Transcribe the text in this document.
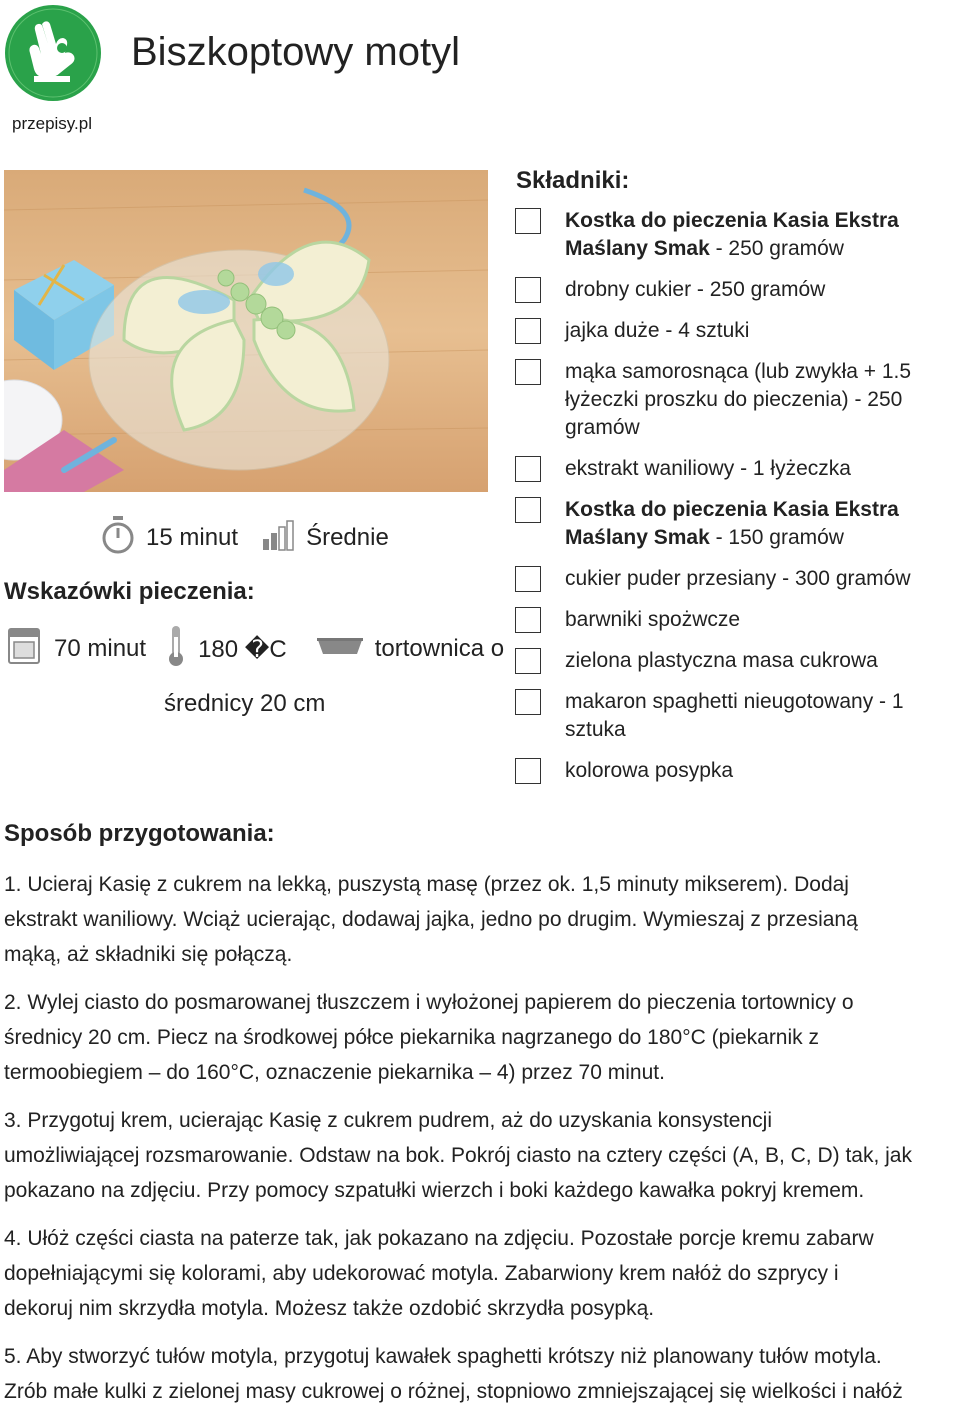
przepisy.pl
Biszkoptowy motyl
15 minut	Średnie
Wskazówki pieczenia:
70 minut 180 �C	tortownica o
średnicy 20 cm
Składniki:
Kostka do pieczenia Kasia Ekstra Maślany Smak - 250 gramów
drobny cukier - 250 gramów
jajka duże - 4 sztuki
mąka samorosnąca (lub zwykła + 1.5 łyżeczki proszku do pieczenia) - 250 gramów
ekstrakt waniliowy - 1 łyżeczka
Kostka do pieczenia Kasia Ekstra Maślany Smak - 150 gramów
cukier puder przesiany - 300 gramów
barwniki spożwcze
zielona plastyczna masa cukrowa
makaron spaghetti nieugotowany - 1 sztuka
kolorowa posypka
Sposób przygotowania:
1. Ucieraj Kasię z cukrem na lekką, puszystą masę (przez ok. 1,5 minuty mikserem). Dodaj
ekstrakt waniliowy. Wciąż ucierając, dodawaj jajka, jedno po drugim. Wymieszaj z przesianą
mąką, aż składniki się połączą.
2. Wylej ciasto do posmarowanej tłuszczem i wyłożonej papierem do pieczenia tortownicy o
średnicy 20 cm. Piecz na środkowej półce piekarnika nagrzanego do 180°C (piekarnik z
termoobiegiem – do 160°C, oznaczenie piekarnika – 4) przez 70 minut.
3. Przygotuj krem, ucierając Kasię z cukrem pudrem, aż do uzyskania konsystencji
umożliwiającej rozsmarowanie. Odstaw na bok. Pokrój ciasto na cztery części (A, B, C, D) tak, jak
pokazano na zdjęciu. Przy pomocy szpatułki wierzch i boki każdego kawałka pokryj kremem.
4. Ułóż części ciasta na paterze tak, jak pokazano na zdjęciu. Pozostałe porcje kremu zabarw
dopełniającymi się kolorami, aby udekorować motyla. Zabarwiony krem nałóż do szprycy i
dekoruj nim skrzydła motyla. Możesz także ozdobić skrzydła posypką.
5. Aby stworzyć tułów motyla, przygotuj kawałek spaghetti krótszy niż planowany tułów motyla.
Zrób małe kulki z zielonej masy cukrowej o różnej, stopniowo zmniejszającej się wielkości i nałóż
